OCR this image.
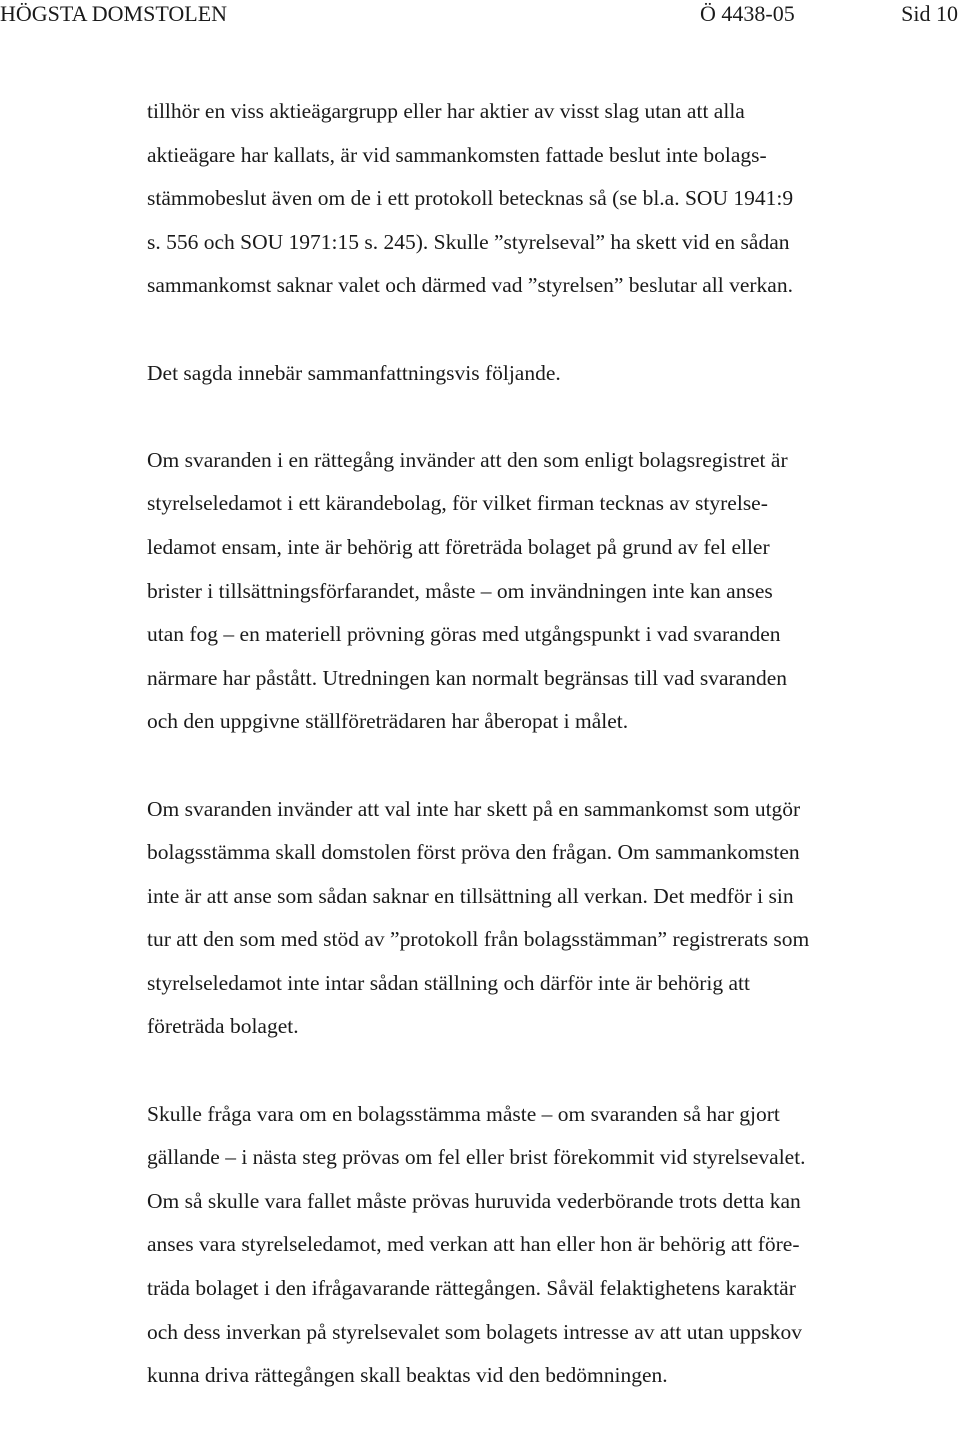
HÖGSTA DOMSTOLEN	Ö 4438-05	Sid 10
tillhör en viss aktieägargrupp eller har aktier av visst slag utan att alla
aktieägare har kallats, är vid sammankomsten fattade beslut inte bolags-
stämmobeslut även om de i ett protokoll betecknas så (se bl.a. SOU 1941:9
s. 556 och SOU 1971:15 s. 245). Skulle ”styrelseval” ha skett vid en sådan
sammankomst saknar valet och därmed vad ”styrelsen” beslutar all verkan.
Det sagda innebär sammanfattningsvis följande.
Om svaranden i en rättegång invänder att den som enligt bolagsregistret är
styrelseledamot i ett kärandebolag, för vilket firman tecknas av styrelse-
ledamot ensam, inte är behörig att företräda bolaget på grund av fel eller
brister i tillsättningsförfarandet, måste – om invändningen inte kan anses
utan fog – en materiell prövning göras med utgångspunkt i vad svaranden
närmare har påstått. Utredningen kan normalt begränsas till vad svaranden
och den uppgivne ställföreträdaren har åberopat i målet.
Om svaranden invänder att val inte har skett på en sammankomst som utgör
bolagsstämma skall domstolen först pröva den frågan. Om sammankomsten
inte är att anse som sådan saknar en tillsättning all verkan. Det medför i sin
tur att den som med stöd av ”protokoll från bolagsstämman” registrerats som
styrelseledamot inte intar sådan ställning och därför inte är behörig att
företräda bolaget.
Skulle fråga vara om en bolagsstämma måste – om svaranden så har gjort
gällande – i nästa steg prövas om fel eller brist förekommit vid styrelsevalet.
Om så skulle vara fallet måste prövas huruvida vederbörande trots detta kan
anses vara styrelseledamot, med verkan att han eller hon är behörig att före-
träda bolaget i den ifrågavarande rättegången. Såväl felaktighetens karaktär
och dess inverkan på styrelsevalet som bolagets intresse av att utan uppskov
kunna driva rättegången skall beaktas vid den bedömningen.
